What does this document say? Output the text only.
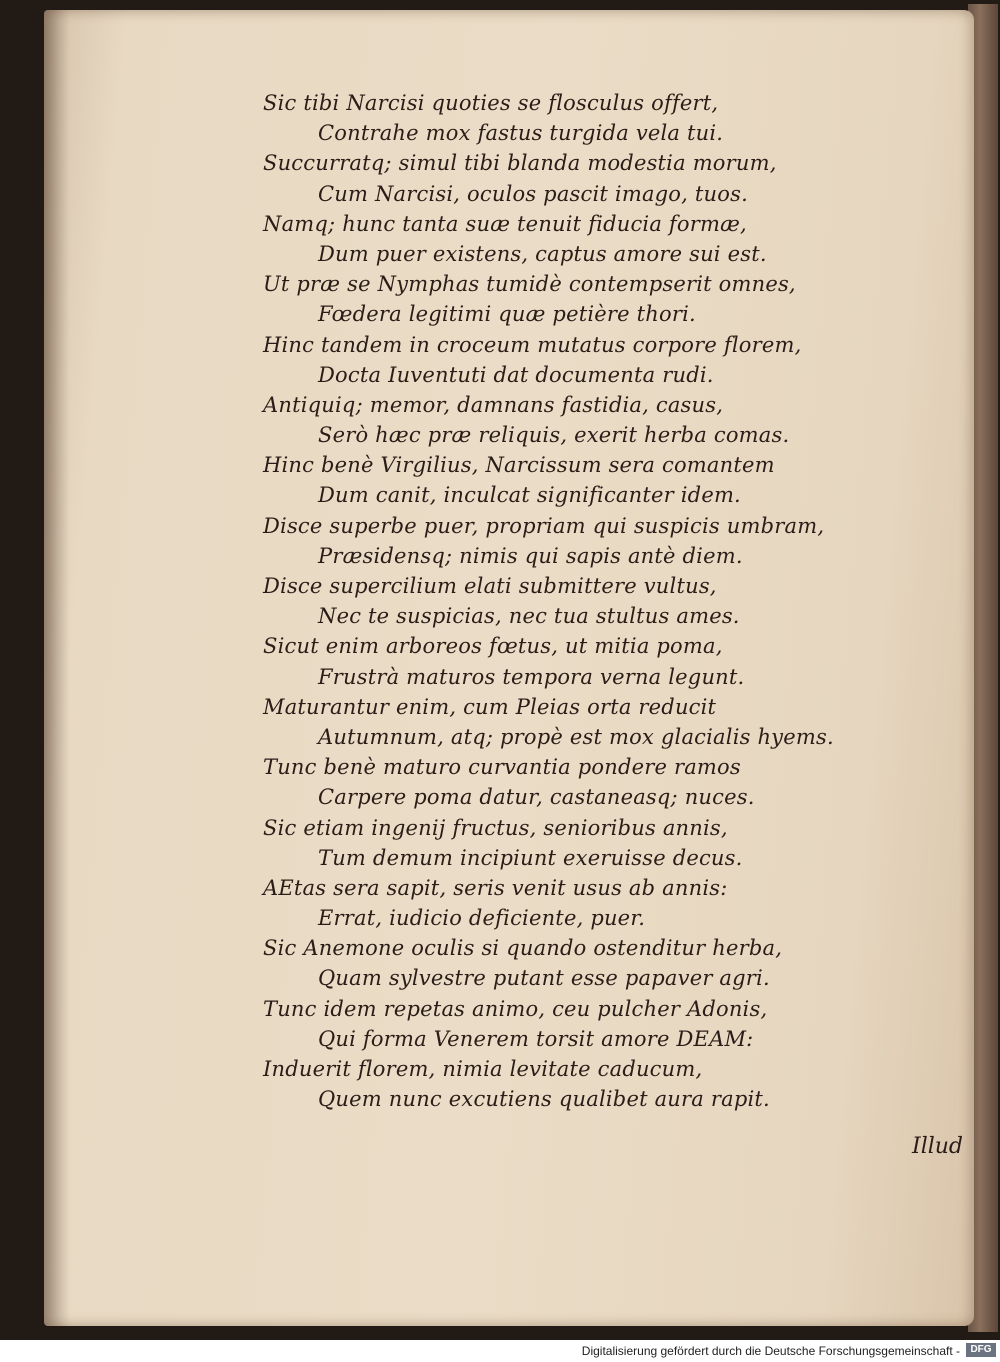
Sic tibi Narcisi quoties se flosculus offert,
Contrahe mox fastus turgida vela tui.
Succurratq; simul tibi blanda modestia morum,
Cum Narcisi, oculos pascit imago, tuos.
Namq; hunc tanta suæ tenuit fiducia formæ,
Dum puer existens, captus amore sui est.
Ut præ se Nymphas tumidè contempserit omnes,
Fœdera legitimi quæ petière thori.
Hinc tandem in croceum mutatus corpore florem,
Docta Iuventuti dat documenta rudi.
Antiquiq; memor, damnans fastidia, casus,
Serò hæc præ reliquis, exerit herba comas.
Hinc benè Virgilius, Narcissum sera comantem
Dum canit, inculcat significanter idem.
Disce superbe puer, propriam qui suspicis umbram,
Præsidensq; nimis qui sapis antè diem.
Disce supercilium elati submittere vultus,
Nec te suspicias, nec tua stultus ames.
Sicut enim arboreos fœtus, ut mitia poma,
Frustrà maturos tempora verna legunt.
Maturantur enim, cum Pleias orta reducit
Autumnum, atq; propè est mox glacialis hyems.
Tunc benè maturo curvantia pondere ramos
Carpere poma datur, castaneasq; nuces.
Sic etiam ingenij fructus, senioribus annis,
Tum demum incipiunt exeruisse decus.
AEtas sera sapit, seris venit usus ab annis:
Errat, iudicio deficiente, puer.
Sic Anemone oculis si quando ostenditur herba,
Quam sylvestre putant esse papaver agri.
Tunc idem repetas animo, ceu pulcher Adonis,
Qui forma Venerem torsit amore DEAM:
Induerit florem, nimia levitate caducum,
Quem nunc excutiens qualibet aura rapit.
Illud
Digitalisierung gefördert durch die Deutsche Forschungsgemeinschaft -	DFG
